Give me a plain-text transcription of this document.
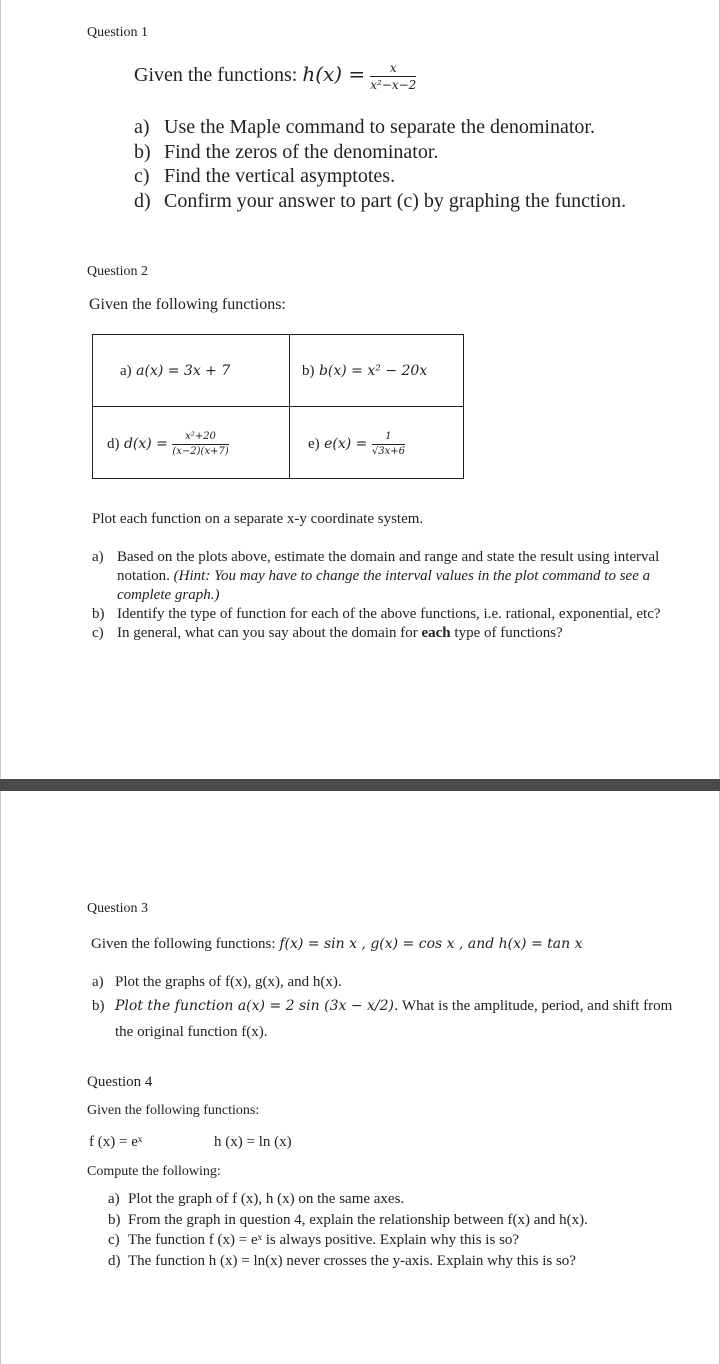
Question 1
Given the functions: $h(x) = \frac{x}{\text{x²−x−2}}$
a) Use the Maple command to separate the denominator.
b) Find the zeros of the denominator.
c) Find the vertical asymptotes.
d) Confirm your answer to part (c) by graphing the function.
Question 2
Given the following functions:
a) a(x) = 3x + 7	b) b(x) = x² − 20x

d) $d(x) = \frac{\text{x²+20}}{(x-2)(x+7)}$	e) $e(x) = \frac{1}{√3x+6}$
Plot each function on a separate x-y coordinate system.
a) Based on the plots above, estimate the domain and range and state the result using interval notation. (Hint: You may have to change the interval values in the plot command to see a complete graph.)
b) Identify the type of function for each of the above functions, i.e. rational, exponential, etc?
c) In general, what can you say about the domain for each type of functions?
Question 3
Given the following functions: f(x) = sin x , g(x) = cos x , and h(x) = tan x
a) Plot the graphs of f(x), g(x), and h(x).
b) Plot the function a(x) = 2 sin (3x − x/2). What is the amplitude, period, and shift from
the original function f(x).
Question 4
Given the following functions:
f (x) = eˣ	h (x) = ln (x)
Compute the following:
a) Plot the graph of f (x), h (x) on the same axes.
b) From the graph in question 4, explain the relationship between f(x) and h(x).
c) The function f (x) = eˣ is always positive. Explain why this is so?
d) The function h (x) = ln(x) never crosses the y-axis. Explain why this is so?
